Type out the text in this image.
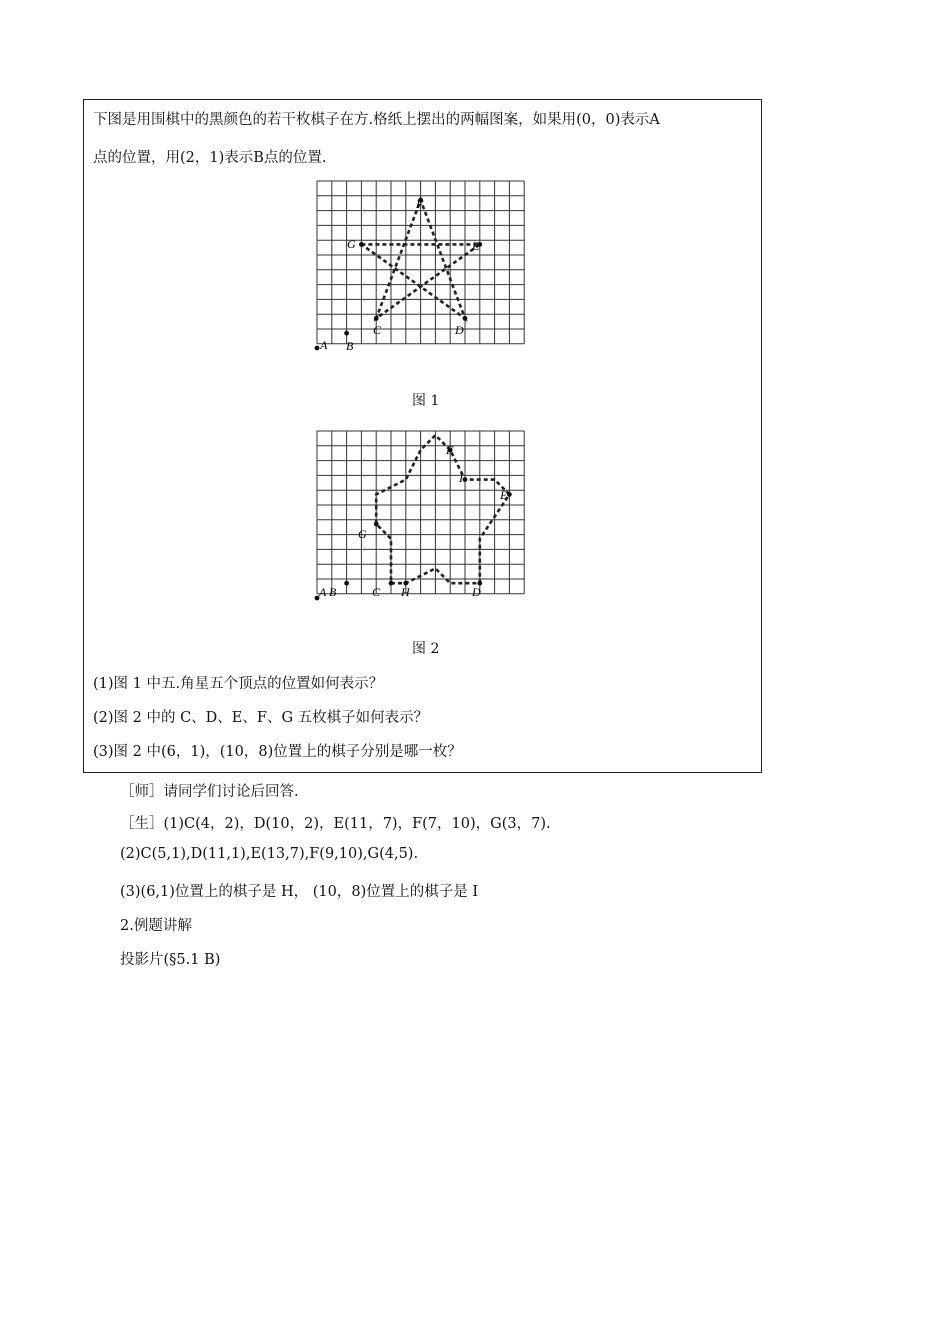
下图是用围棋中的黑颜色的若干枚棋子在方.格纸上摆出的两幅图案，如果用(0，0)表示A
点的位置，用(2，1)表示B点的位置.
A B
C	D
E
F
G
图 1
A B	C H	D
E
F
I
G
图 2
(1)图 1 中五.角星五个顶点的位置如何表示？
(2)图 2 中的 C、D、E、F、G 五枚棋子如何表示？
(3)图 2 中(6，1)，(10，8)位置上的棋子分别是哪一枚？
［师］请同学们讨论后回答.
［生］(1)C(4，2)，D(10，2)，E(11，7)，F(7，10)，G(3，7).
(2)C(5,1),D(11,1),E(13,7),F(9,10),G(4,5).
(3)(6,1)位置上的棋子是 H， (10，8)位置上的棋子是 I
2.例题讲解
投影片(§5.1 B)
